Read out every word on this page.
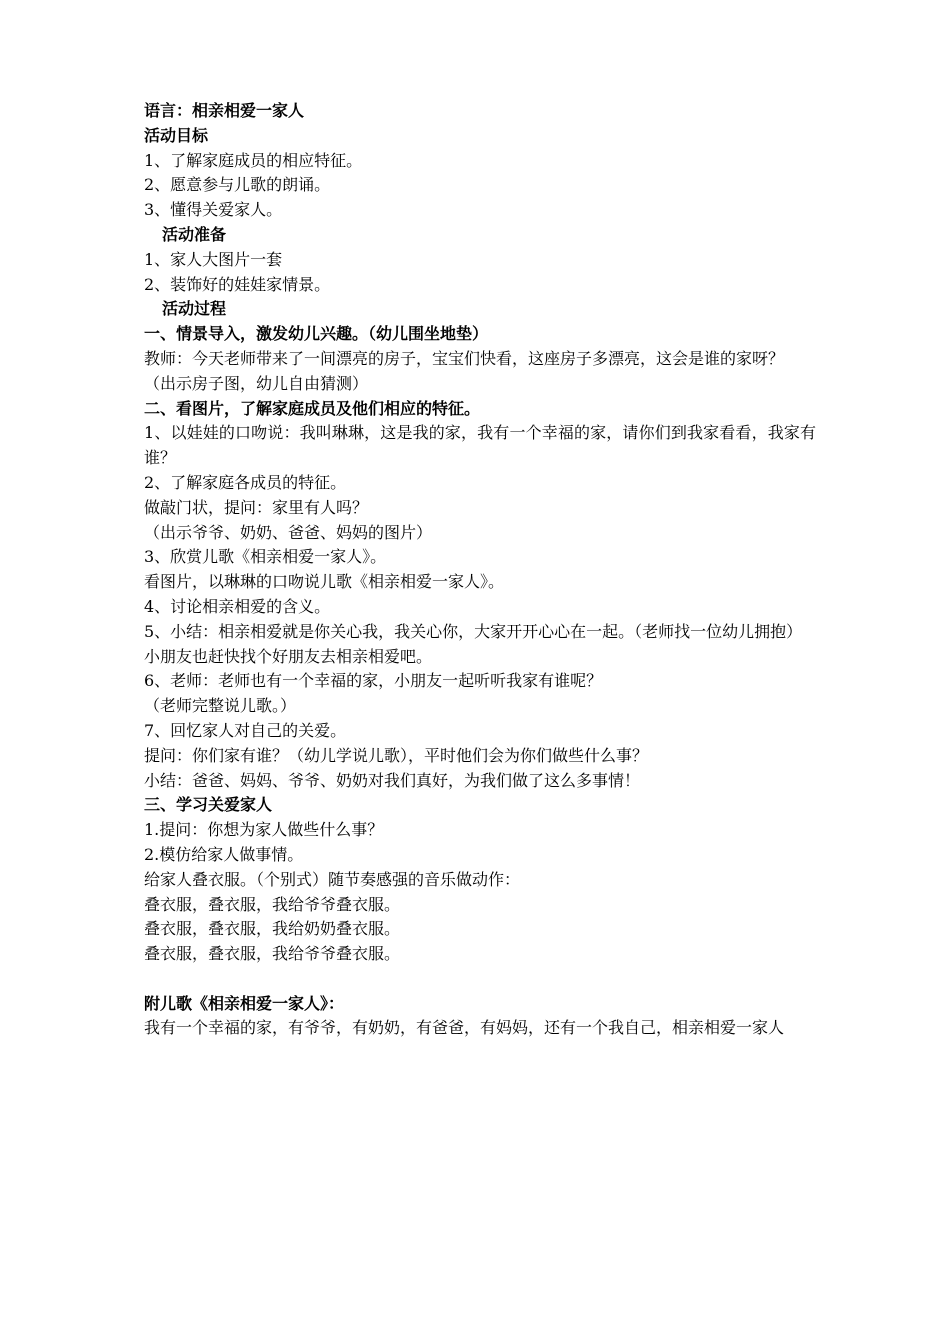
语言：相亲相爱一家人

活动目标

1、了解家庭成员的相应特征。

2、愿意参与儿歌的朗诵。

3、懂得关爱家人。

活动准备

1、家人大图片一套

2、装饰好的娃娃家情景。

活动过程

一、情景导入，激发幼儿兴趣。（幼儿围坐地垫）

教师：今天老师带来了一间漂亮的房子，宝宝们快看，这座房子多漂亮，这会是谁的家呀？

（出示房子图，幼儿自由猜测）

二、看图片，了解家庭成员及他们相应的特征。

1、以娃娃的口吻说：我叫琳琳，这是我的家，我有一个幸福的家，请你们到我家看看，我家有谁？

2、了解家庭各成员的特征。

做敲门状，提问：家里有人吗？

（出示爷爷、奶奶、爸爸、妈妈的图片）

3、欣赏儿歌《相亲相爱一家人》。

看图片，以琳琳的口吻说儿歌《相亲相爱一家人》。

4、讨论相亲相爱的含义。

5、小结：相亲相爱就是你关心我，我关心你，大家开开心心在一起。（老师找一位幼儿拥抱）

小朋友也赶快找个好朋友去相亲相爱吧。

6、老师：老师也有一个幸福的家，小朋友一起听听我家有谁呢？

（老师完整说儿歌。）

7、回忆家人对自己的关爱。

提问：你们家有谁？（幼儿学说儿歌），平时他们会为你们做些什么事？

小结：爸爸、妈妈、爷爷、奶奶对我们真好，为我们做了这么多事情！

三、学习关爱家人

1.提问：你想为家人做些什么事？

2.模仿给家人做事情。

给家人叠衣服。（个别式）随节奏感强的音乐做动作：

叠衣服，叠衣服，我给爷爷叠衣服。

叠衣服，叠衣服，我给奶奶叠衣服。

叠衣服，叠衣服，我给爷爷叠衣服。

附儿歌《相亲相爱一家人》：

我有一个幸福的家，有爷爷，有奶奶，有爸爸，有妈妈，还有一个我自己，相亲相爱一家人
